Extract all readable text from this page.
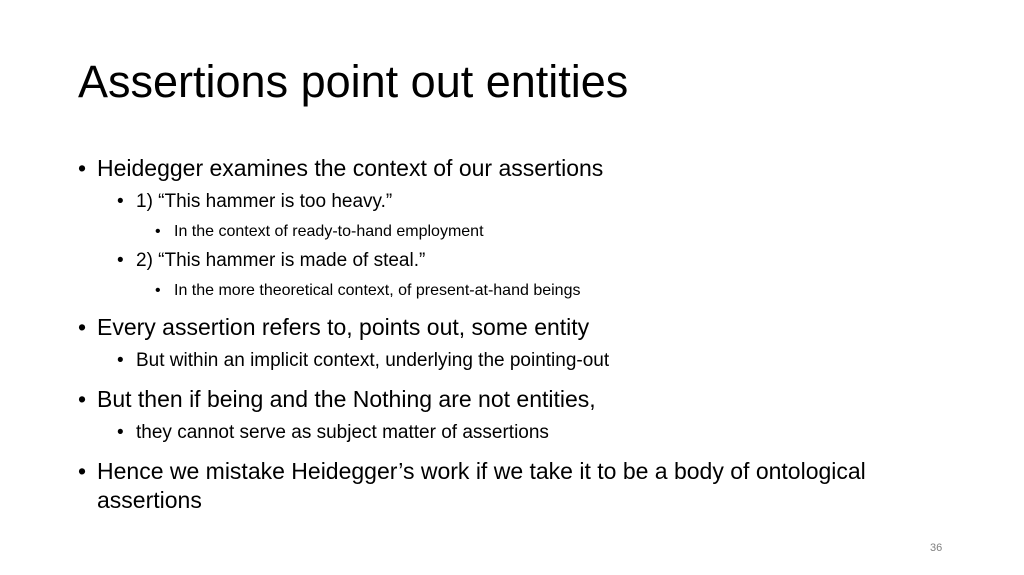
Assertions point out entities
• Heidegger examines the context of our assertions
• 1) “This hammer is too heavy.”
• In the context of ready-to-hand employment
• 2) “This hammer is made of steal.”
• In the more theoretical context, of present-at-hand beings
• Every assertion refers to, points out, some entity
• But within an implicit context, underlying the pointing-out
• But then if being and the Nothing are not entities,
• they cannot serve as subject matter of assertions
• Hence we mistake Heidegger’s work if we take it to be a body of ontological assertions
36
